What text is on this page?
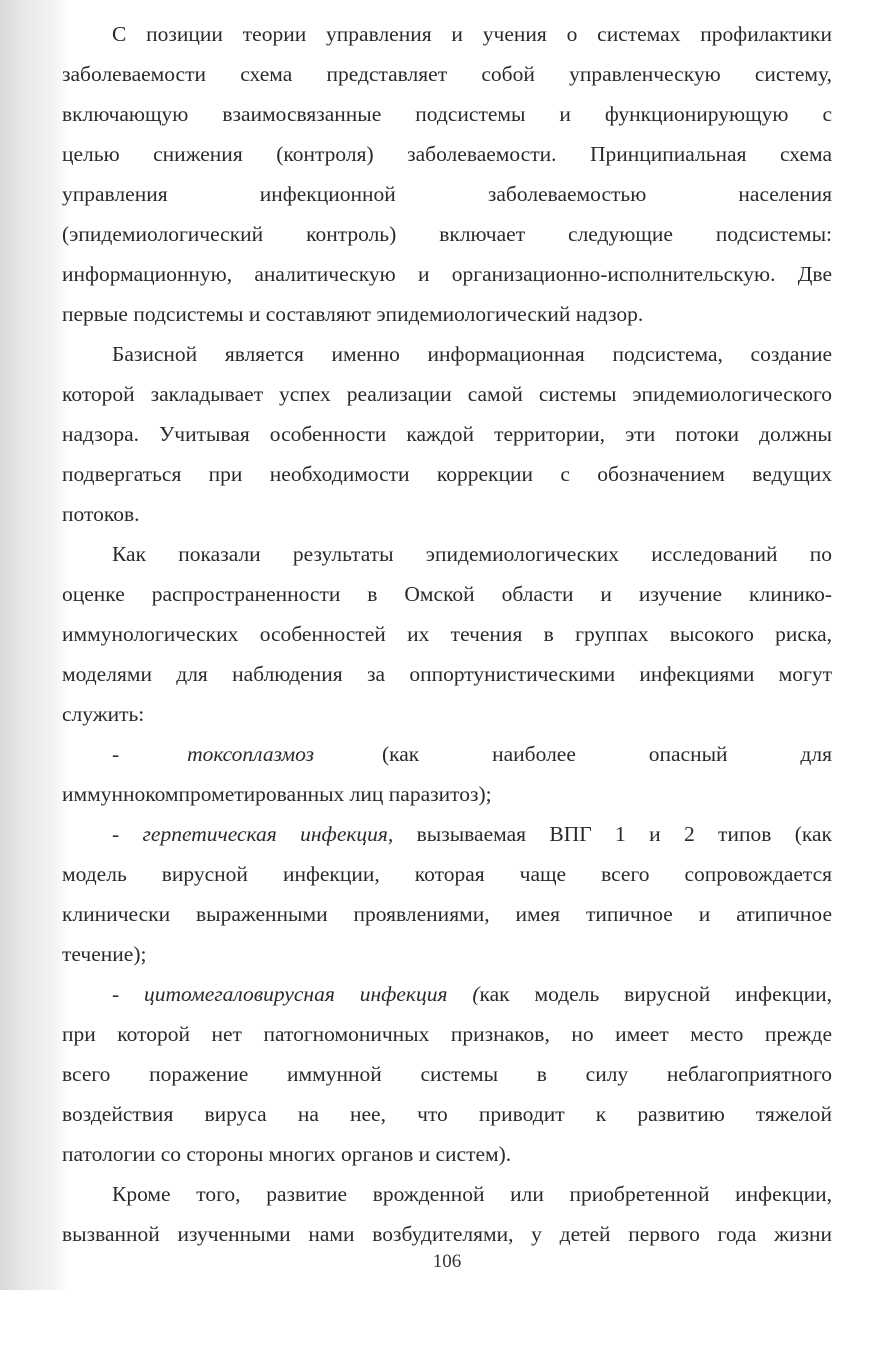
С позиции теории управления и учения о системах профилактики
заболеваемости схема представляет собой управленческую систему,
включающую взаимосвязанные подсистемы и функционирующую с
целью снижения (контроля) заболеваемости. Принципиальная схема
управления инфекционной заболеваемостью населения
(эпидемиологический контроль) включает следующие подсистемы:
информационную, аналитическую и организационно-исполнительскую. Две
первые подсистемы и составляют эпидемиологический надзор.
Базисной является именно информационная подсистема, создание
которой закладывает успех реализации самой системы эпидемиологического
надзора. Учитывая особенности каждой территории, эти потоки должны
подвергаться при необходимости коррекции с обозначением ведущих
потоков.
Как показали результаты эпидемиологических исследований по
оценке распространенности в Омской области и изучение клинико-
иммунологических особенностей их течения в группах высокого риска,
моделями для наблюдения за оппортунистическими инфекциями могут
служить:
-	токсоплазмоз	(как наиболее опасный для
иммуннокомпрометированных лиц паразитоз);
- герпетическая инфекция, вызываемая ВПГ 1 и 2 типов (как
модель вирусной инфекции, которая чаще всего сопровождается
клинически выраженными проявлениями, имея типичное и атипичное
течение);
- цитомегаловирусная инфекция (как модель вирусной инфекции,
при которой нет патогномоничных признаков, но имеет место прежде
всего поражение иммунной системы в силу неблагоприятного
воздействия вируса на нее, что приводит к развитию тяжелой
патологии со стороны многих органов и систем).
Кроме того, развитие врожденной или приобретенной инфекции,
вызванной изученными нами возбудителями, у детей первого года жизни
106
